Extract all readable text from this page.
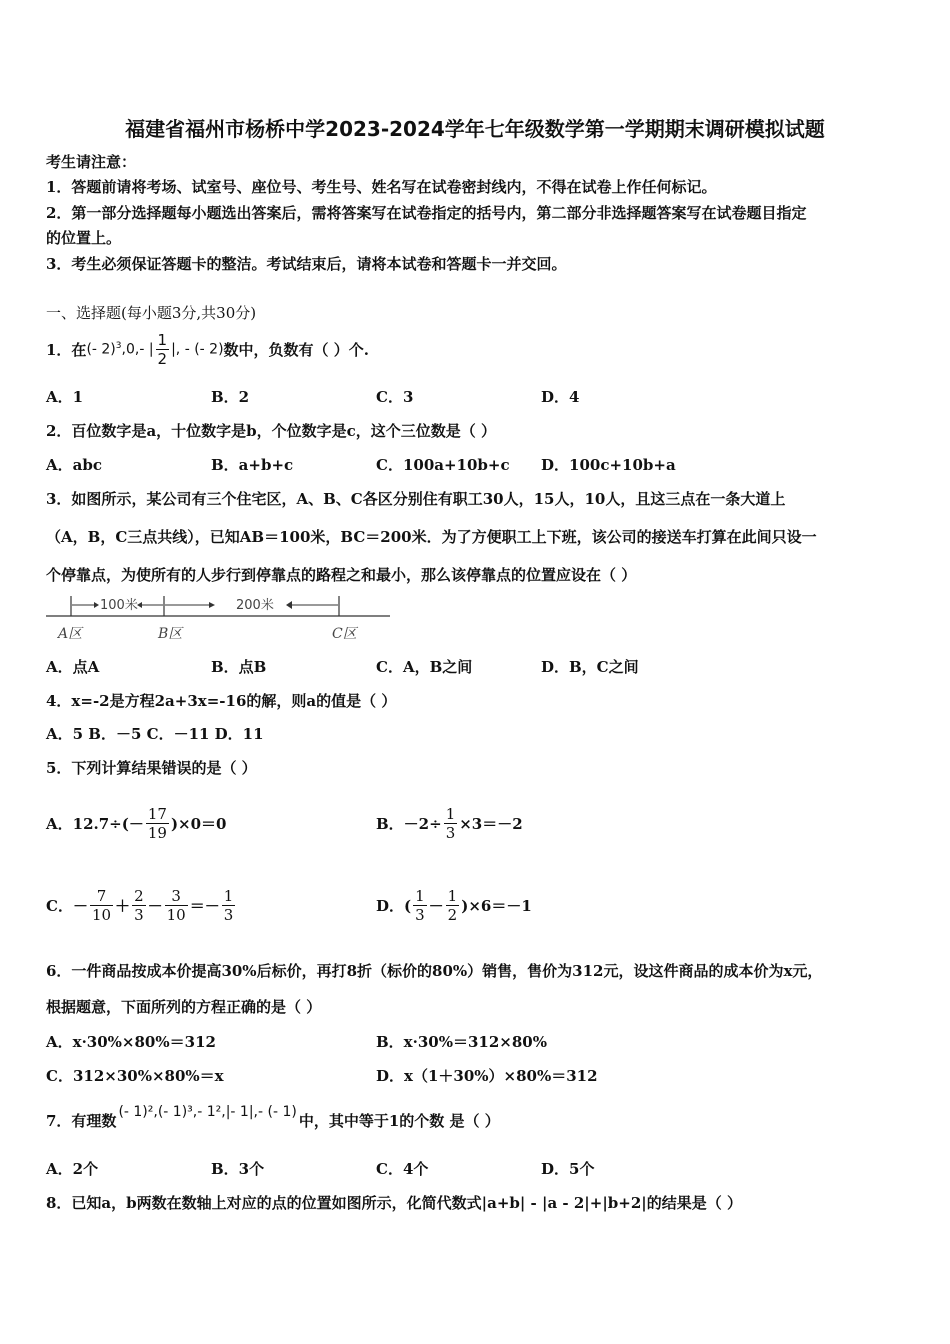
福建省福州市杨桥中学2023-2024学年七年级数学第一学期期末调研模拟试题
考生请注意：
1．答题前请将考场、试室号、座位号、考生号、姓名写在试卷密封线内，不得在试卷上作任何标记。
2．第一部分选择题每小题选出答案后，需将答案写在试卷指定的括号内，第二部分非选择题答案写在试卷题目指定
的位置上。
3．考生必须保证答题卡的整洁。考试结束后，请将本试卷和答题卡一并交回。
一、选择题(每小题3分,共30分)
1．在 (- 2)$^3$,0,- | $\frac{1}{2}$ |, - (- 2) 数中，负数有（ ）个.
A．1	B．2	C．3	D．4
2．百位数字是a，十位数字是b，个位数字是c，这个三位数是（ ）
A．abc	B．a+b+c	C．100a+10b+c D．100c+10b+a
3．如图所示，某公司有三个住宅区，A、B、C各区分别住有职工30人，15人，10人，且这三点在一条大道上
（A，B，C三点共线），已知AB＝100米，BC＝200米．为了方便职工上下班，该公司的接送车打算在此间只设一
个停靠点，为使所有的人步行到停靠点的路程之和最小，那么该停靠点的位置应设在（ ）
100米	200米
A区	B区	C区
A．点A	B．点B	C．A，B之间	D．B，C之间
4．x=-2是方程2a+3x=-16的解，则a的值是（ ）
A．5 B．－5 C．－11 D．11
5．下列计算结果错误的是（ ）
A．$12.7\div(- \frac{17}{19} )\times 0=0$	B．$-2\div \frac{1}{3} \times 3=-2$
C．－ $\frac{7}{10} + \frac{2}{3} - \frac{3}{10} =- \frac{1}{3}$	D．( $\frac{1}{3} - \frac{1}{2} )\times 6=-1$
6．一件商品按成本价提高30%后标价，再打8折（标价的80%）销售，售价为312元，设这件商品的成本价为x元，
根据题意，下面所列的方程正确的是（ ）
A．x·30%×80%＝312	B．x·30%＝312×80%
C．312×30%×80%＝x	D．x（1＋30%）×80%＝312
7．有理数 (- 1)²,(- 1)³,- 1²,|- 1|,- (- 1) 中，其中等于1的个数 是（ ）
A．2个	B．3个	C．4个	D．5个
8．已知a，b两数在数轴上对应的点的位置如图所示，化简代数式|a+b| - |a - 2|+|b+2|的结果是（ ）
